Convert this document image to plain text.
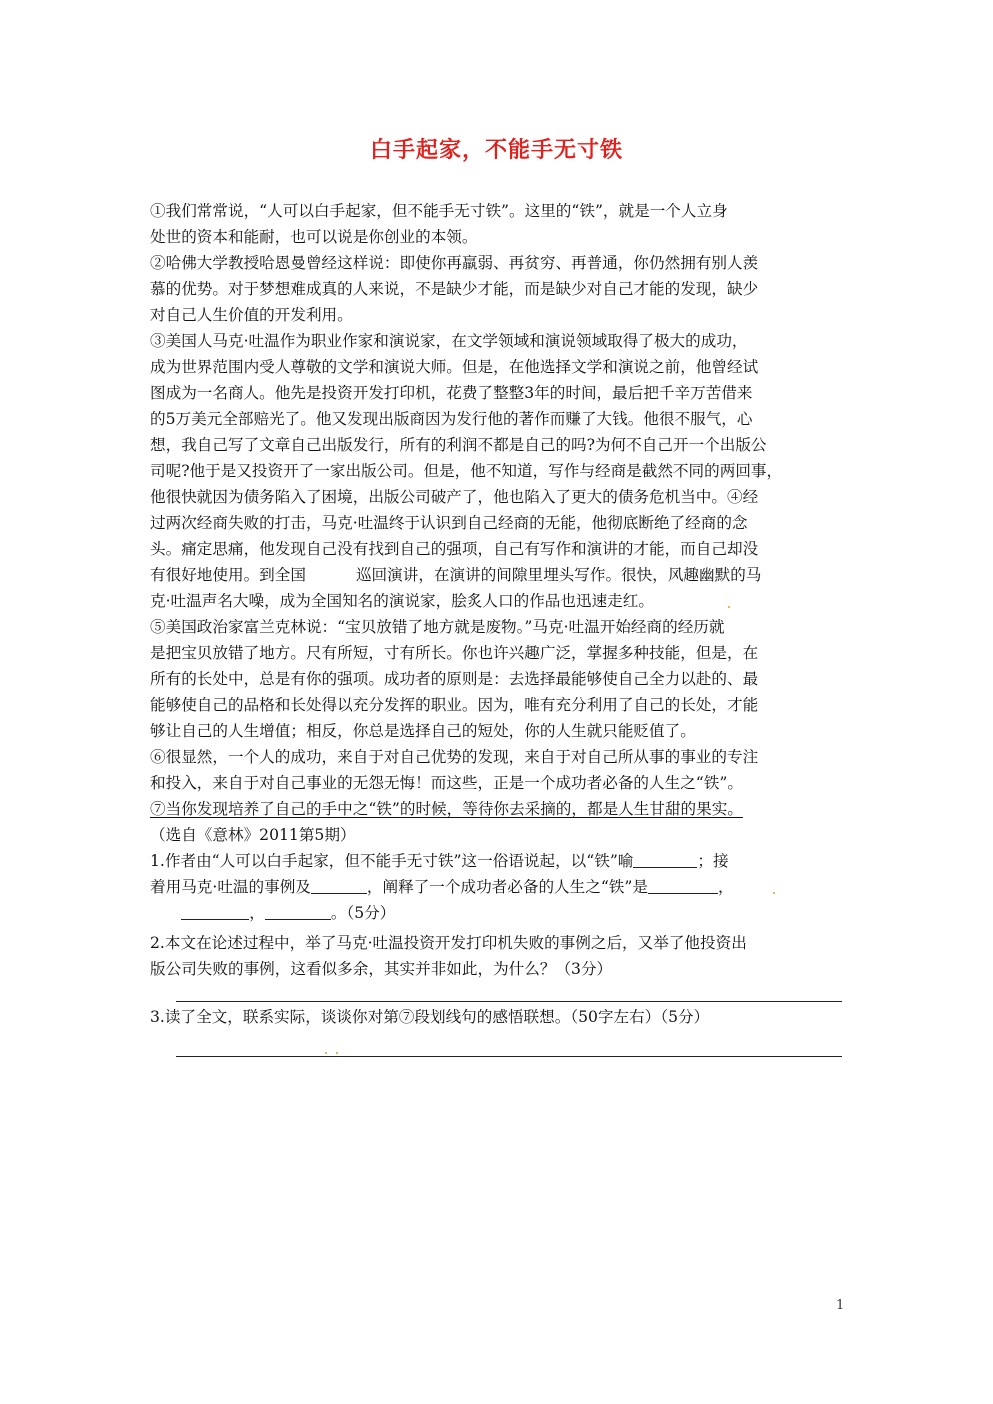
白手起家，不能手无寸铁
①我们常常说，“人可以白手起家，但不能手无寸铁”。这里的“铁”，就是一个人立身
处世的资本和能耐，也可以说是你创业的本领。
②哈佛大学教授哈恩曼曾经这样说：即使你再羸弱、再贫穷、再普通，你仍然拥有别人羡
慕的优势。对于梦想难成真的人来说，不是缺少才能，而是缺少对自己才能的发现，缺少
对自己人生价值的开发利用。
③美国人马克·吐温作为职业作家和演说家，在文学领域和演说领域取得了极大的成功，
成为世界范围内受人尊敬的文学和演说大师。但是，在他选择文学和演说之前，他曾经试
图成为一名商人。他先是投资开发打印机，花费了整整3年的时间，最后把千辛万苦借来
的5万美元全部赔光了。他又发现出版商因为发行他的著作而赚了大钱。他很不服气，心
想，我自己写了文章自己出版发行，所有的利润不都是自己的吗?为何不自己开一个出版公
司呢?他于是又投资开了一家出版公司。但是，他不知道，写作与经商是截然不同的两回事，
他很快就因为债务陷入了困境，出版公司破产了，他也陷入了更大的债务危机当中。④经
过两次经商失败的打击，马克·吐温终于认识到自己经商的无能，他彻底断绝了经商的念
头。痛定思痛，他发现自己没有找到自己的强项，自己有写作和演讲的才能，而自己却没
有很好地使用。到全国	巡回演讲，在演讲的间隙里埋头写作。很快，风趣幽默的马
克·吐温声名大噪，成为全国知名的演说家，脍炙人口的作品也迅速走红。
⑤美国政治家富兰克林说：“宝贝放错了地方就是废物。”马克·吐温开始经商的经历就
是把宝贝放错了地方。尺有所短，寸有所长。你也许兴趣广泛，掌握多种技能，但是，在
所有的长处中，总是有你的强项。成功者的原则是：去选择最能够使自己全力以赴的、最
能够使自己的品格和长处得以充分发挥的职业。因为，唯有充分利用了自己的长处，才能
够让自己的人生增值；相反，你总是选择自己的短处，你的人生就只能贬值了。
⑥很显然，一个人的成功，来自于对自己优势的发现，来自于对自己所从事的事业的专注
和投入，来自于对自己事业的无怨无悔！而这些，正是一个成功者必备的人生之“铁”。
⑦当你发现培养了自己的手中之“铁”的时候，等待你去采摘的，都是人生甘甜的果实。
（选自《意林》2011第5期）
1.作者由“人可以白手起家，但不能手无寸铁”这一俗语说起，以“铁”喻	；接
着用马克·吐温的事例及	，阐释了一个成功者必备的人生之“铁”是	，
　　，	。（5分）
2.本文在论述过程中，举了马克·吐温投资开发打印机失败的事例之后，又举了他投资出
版公司失败的事例，这看似多余，其实并非如此，为什么？（3分）
3.读了全文，联系实际，谈谈你对第⑦段划线句的感悟联想。（50字左右）（5分）
1
